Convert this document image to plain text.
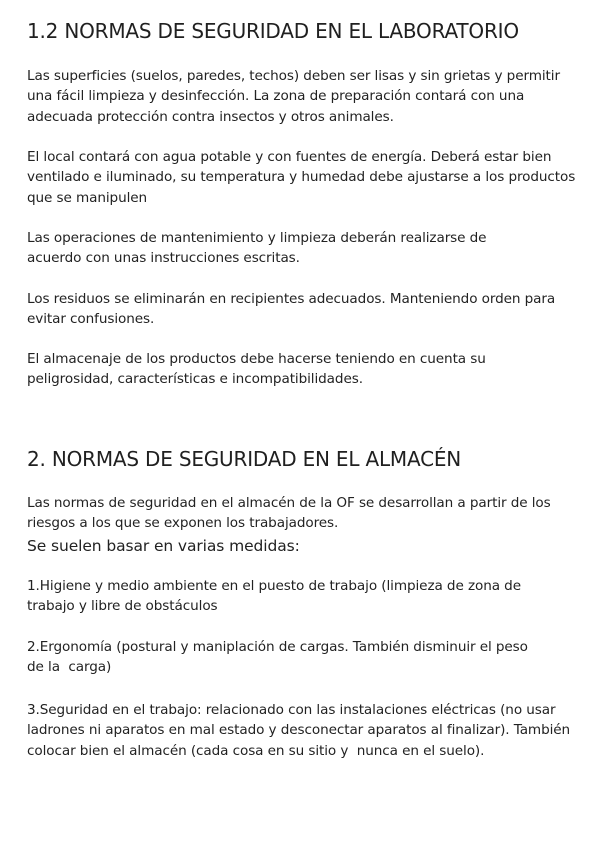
1.2 NORMAS DE SEGURIDAD EN EL LABORATORIO

Las superficies (suelos, paredes, techos) deben ser lisas y sin grietas y permitir
una fácil limpieza y desinfección. La zona de preparación contará con una
adecuada protección contra insectos y otros animales.

El local contará con agua potable y con fuentes de energía. Deberá estar bien
ventilado e iluminado, su temperatura y humedad debe ajustarse a los productos
que se manipulen

Las operaciones de mantenimiento y limpieza deberán realizarse de
acuerdo con unas instrucciones escritas.

Los residuos se eliminarán en recipientes adecuados. Manteniendo orden para
evitar confusiones.

El almacenaje de los productos debe hacerse teniendo en cuenta su
peligrosidad, características e incompatibilidades.

2. NORMAS DE SEGURIDAD EN EL ALMACÉN

Las normas de seguridad en el almacén de la OF se desarrollan a partir de los
riesgos a los que se exponen los trabajadores.

Se suelen basar en varias medidas:

1.Higiene y medio ambiente en el puesto de trabajo (limpieza de zona de
trabajo y libre de obstáculos

2.Ergonomía (postural y maniplación de cargas. También disminuir el peso
de la  carga)

3.Seguridad en el trabajo: relacionado con las instalaciones eléctricas (no usar
ladrones ni aparatos en mal estado y desconectar aparatos al finalizar). También
colocar bien el almacén (cada cosa en su sitio y  nunca en el suelo).
